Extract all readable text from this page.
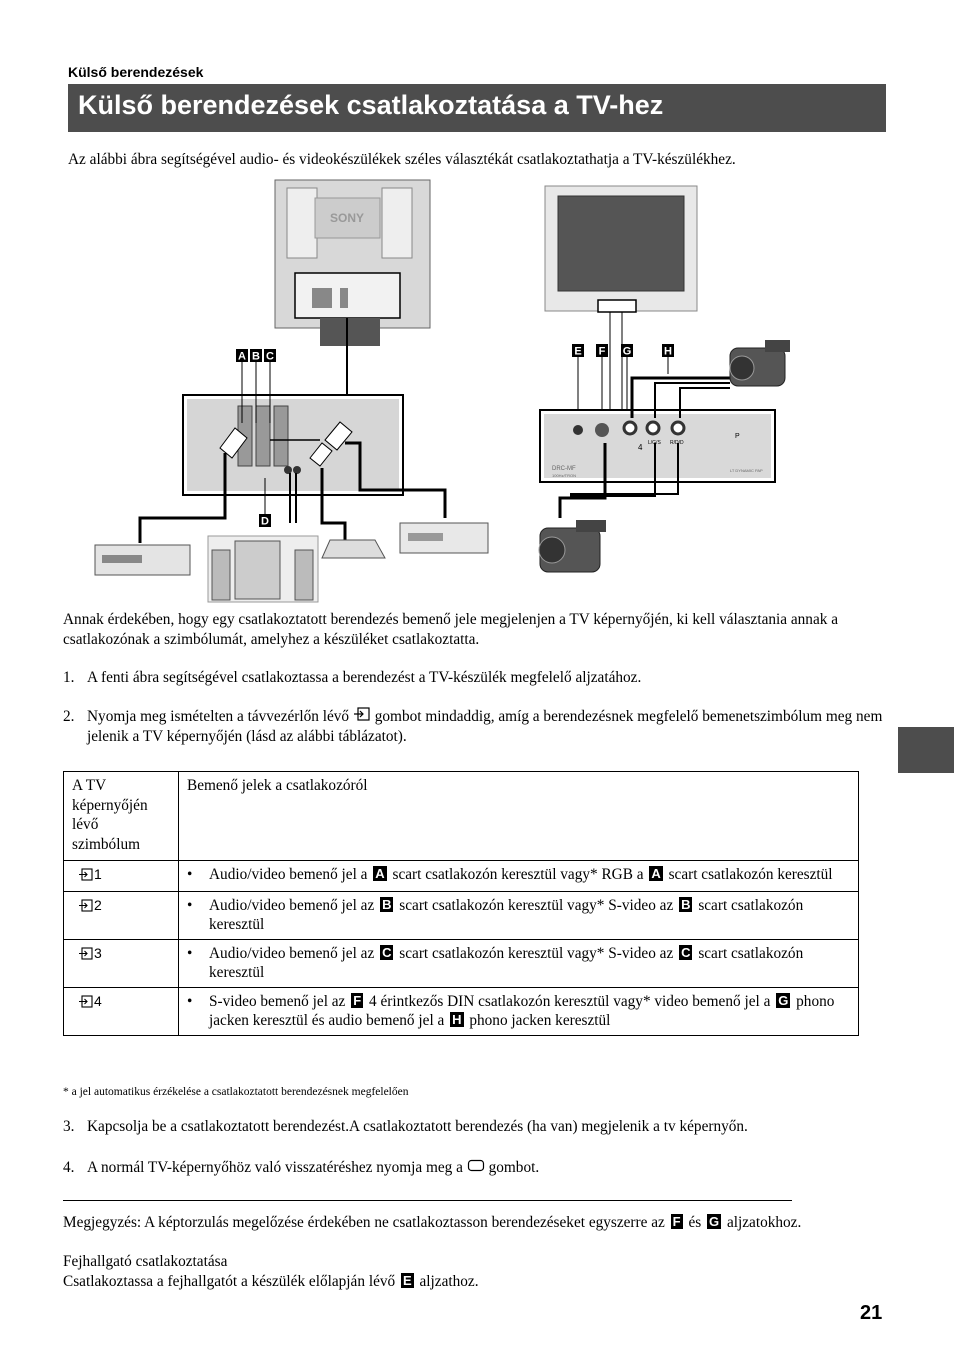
Külső berendezések
Külső berendezések csatlakoztatása a TV-hez
Az alábbi ábra segítségével audio- és videokészülékek széles választékát csatlakoztathatja a TV-készülékhez.
SONY
A B C
D
E F G	H
4 L/G/S R/D/D
P
DRC-MF
100Hz/TRON
LT DYNAMIC PAP
Annak érdekében, hogy egy csatlakoztatott berendezés bemenő jele megjelenjen a TV képernyőjén, ki kell választania annak a csatlakozónak a szimbólumát, amelyhez a készüléket csatlakoztatta.
1. A fenti ábra segítségével csatlakoztassa a berendezést a TV-készülék megfelelő aljzatához.
2. Nyomja meg ismételten a távvezérlőn lévő gombot mindaddig, amíg a berendezésnek megfelelő bemenetszimbólum meg nem jelenik a TV képernyőjén (lásd az alábbi táblázatot).
A TV képernyőjén lévő szimbólum	Bemenő jelek a csatlakozóról

1	• Audio/video bemenő jel a A scart csatlakozón keresztül vagy* RGB a A scart csatlakozón keresztül

2	• Audio/video bemenő jel az B scart csatlakozón keresztül vagy* S-video az B scart csatlakozón keresztül

3	• Audio/video bemenő jel az C scart csatlakozón keresztül vagy* S-video az C scart csatlakozón keresztül

4	• S-video bemenő jel az F 4 érintkezős DIN csatlakozón keresztül vagy* video bemenő jel a G phono jacken keresztül és audio bemenő jel a H phono jacken keresztül
* a jel automatikus érzékelése a csatlakoztatott berendezésnek megfelelően
3. Kapcsolja be a csatlakoztatott berendezést.A csatlakoztatott berendezés (ha van) megjelenik a tv képernyőn.
4. A normál TV-képernyőhöz való visszatéréshez nyomja meg a gombot.
Megjegyzés: A képtorzulás megelőzése érdekében ne csatlakoztasson berendezéseket egyszerre az F és G aljzatokhoz.
Fejhallgató csatlakoztatása
Csatlakoztassa a fejhallgatót a készülék előlapján lévő E aljzathoz.
21
